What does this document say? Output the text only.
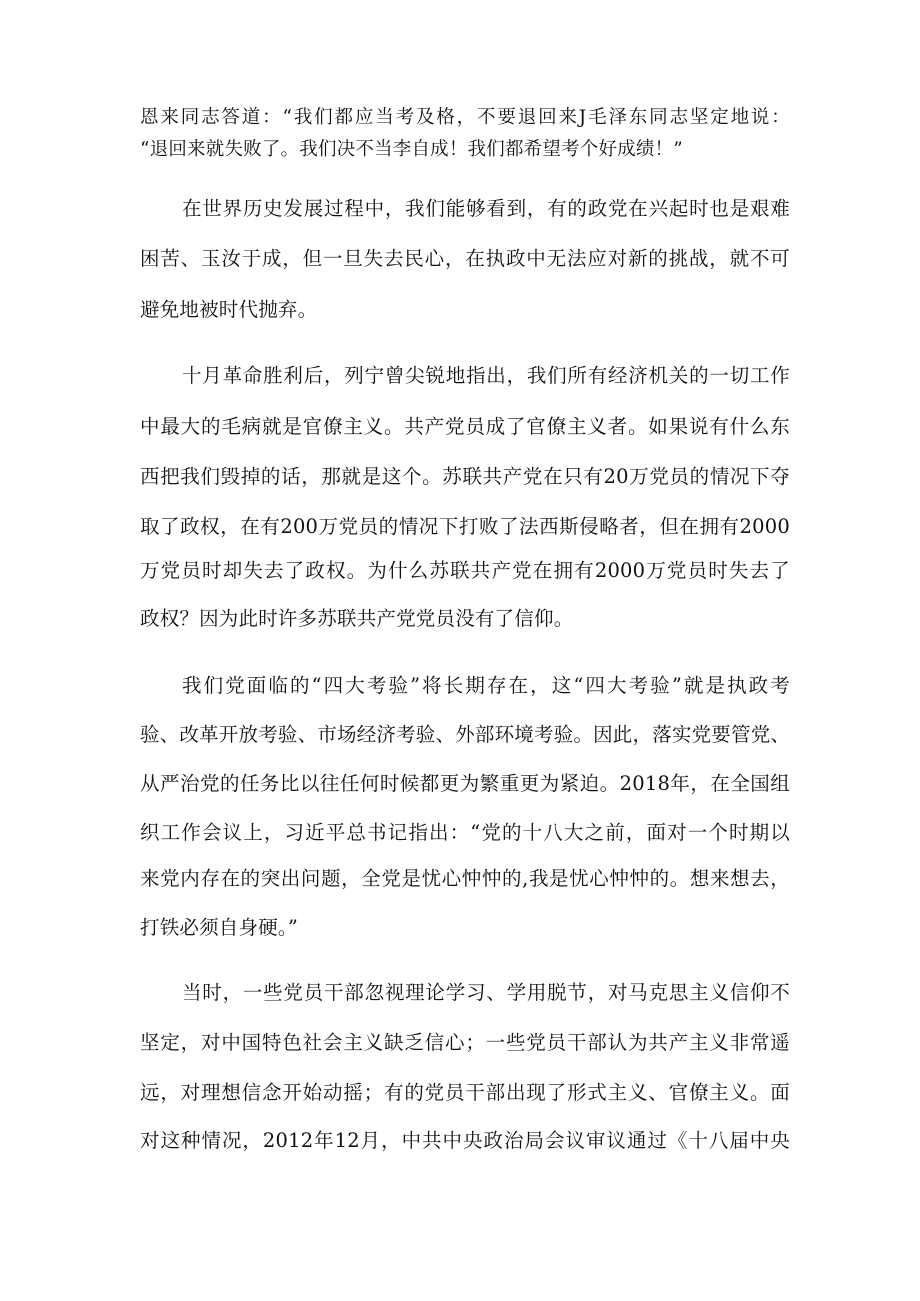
恩来同志答道：“我们都应当考及格，不要退回来J毛泽东同志坚定地说：
“退回来就失败了。我们决不当李自成！我们都希望考个好成绩！”
在世界历史发展过程中，我们能够看到，有的政党在兴起时也是艰难
困苦、玉汝于成，但一旦失去民心，在执政中无法应对新的挑战，就不可
避免地被时代抛弃。
十月革命胜利后，列宁曾尖锐地指出，我们所有经济机关的一切工作
中最大的毛病就是官僚主义。共产党员成了官僚主义者。如果说有什么东
西把我们毁掉的话，那就是这个。苏联共产党在只有20万党员的情况下夺
取了政权，在有200万党员的情况下打败了法西斯侵略者，但在拥有2000
万党员时却失去了政权。为什么苏联共产党在拥有2000万党员时失去了
政权？因为此时许多苏联共产党党员没有了信仰。
我们党面临的“四大考验”将长期存在，这“四大考验”就是执政考
验、改革开放考验、市场经济考验、外部环境考验。因此，落实党要管党、
从严治党的任务比以往任何时候都更为繁重更为紧迫。2018年，在全国组
织工作会议上，习近平总书记指出：“党的十八大之前，面对一个时期以
来党内存在的突出问题，全党是忧心忡忡的,我是忧心忡忡的。想来想去，
打铁必须自身硬。”
当时，一些党员干部忽视理论学习、学用脱节，对马克思主义信仰不
坚定，对中国特色社会主义缺乏信心；一些党员干部认为共产主义非常遥
远，对理想信念开始动摇；有的党员干部出现了形式主义、官僚主义。面
对这种情况，2012年12月，中共中央政治局会议审议通过《十八届中央
